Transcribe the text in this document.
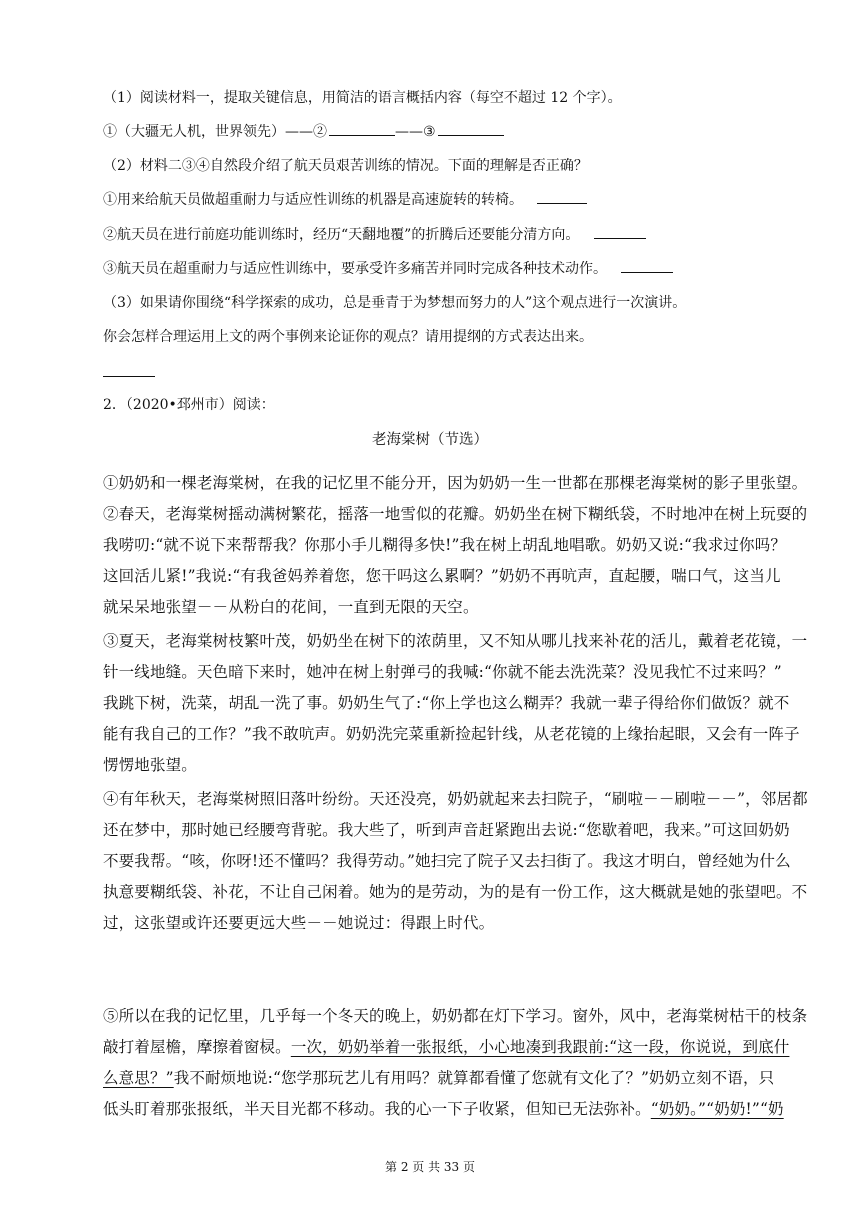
（1）阅读材料一，提取关键信息，用简洁的语言概括内容（每空不超过 12 个字）。
①（大疆无人机，世界领先）——②	——③
（2）材料二③④自然段介绍了航天员艰苦训练的情况。下面的理解是否正确？
①用来给航天员做超重耐力与适应性训练的机器是高速旋转的转椅。
②航天员在进行前庭功能训练时，经历“天翻地覆”的折腾后还要能分清方向。
③航天员在超重耐力与适应性训练中，要承受许多痛苦并同时完成各种技术动作。
（3）如果请你围绕“科学探索的成功，总是垂青于为梦想而努力的人”这个观点进行一次演讲。
你会怎样合理运用上文的两个事例来论证你的观点？请用提纲的方式表达出来。
2．（2020•邳州市）阅读：
老海棠树（节选）
①奶奶和一棵老海棠树，在我的记忆里不能分开，因为奶奶一生一世都在那棵老海棠树的影子里张望。
②春天，老海棠树摇动满树繁花，摇落一地雪似的花瓣。奶奶坐在树下糊纸袋，不时地冲在树上玩耍的
我唠叨:“就不说下来帮帮我？你那小手儿糊得多快!”我在树上胡乱地唱歌。奶奶又说:“我求过你吗？
这回活儿紧!”我说:“有我爸妈养着您，您干吗这么累啊？”奶奶不再吭声，直起腰，喘口气，这当儿
就呆呆地张望－－从粉白的花间，一直到无限的天空。
③夏天，老海棠树枝繁叶茂，奶奶坐在树下的浓荫里，又不知从哪儿找来补花的活儿，戴着老花镜，一
针一线地缝。天色暗下来时，她冲在树上射弹弓的我喊:“你就不能去洗洗菜？没见我忙不过来吗？”
我跳下树，洗菜，胡乱一洗了事。奶奶生气了:“你上学也这么糊弄？我就一辈子得给你们做饭？就不
能有我自己的工作？”我不敢吭声。奶奶洗完菜重新捡起针线，从老花镜的上缘抬起眼，又会有一阵子
愣愣地张望。
④有年秋天，老海棠树照旧落叶纷纷。天还没亮，奶奶就起来去扫院子，“刷啦－－刷啦－－”，邻居都
还在梦中，那时她已经腰弯背驼。我大些了，听到声音赶紧跑出去说:“您歇着吧，我来。”可这回奶奶
不要我帮。“咳，你呀!还不懂吗？我得劳动。”她扫完了院子又去扫街了。我这才明白，曾经她为什么
执意要糊纸袋、补花，不让自己闲着。她为的是劳动，为的是有一份工作，这大概就是她的张望吧。不
过，这张望或许还要更远大些－－她说过：得跟上时代。
⑤所以在我的记忆里，几乎每一个冬天的晚上，奶奶都在灯下学习。窗外，风中，老海棠树枯干的枝条
敲打着屋檐，摩擦着窗棂。一次，奶奶举着一张报纸，小心地凑到我跟前:“这一段，你说说，到底什
么意思？”我不耐烦地说:“您学那玩艺儿有用吗？就算都看懂了您就有文化了？”奶奶立刻不语，只
低头盯着那张报纸，半天目光都不移动。我的心一下子收紧，但知已无法弥补。“奶奶。”“奶奶!”“奶
第 2 页 共 33 页
